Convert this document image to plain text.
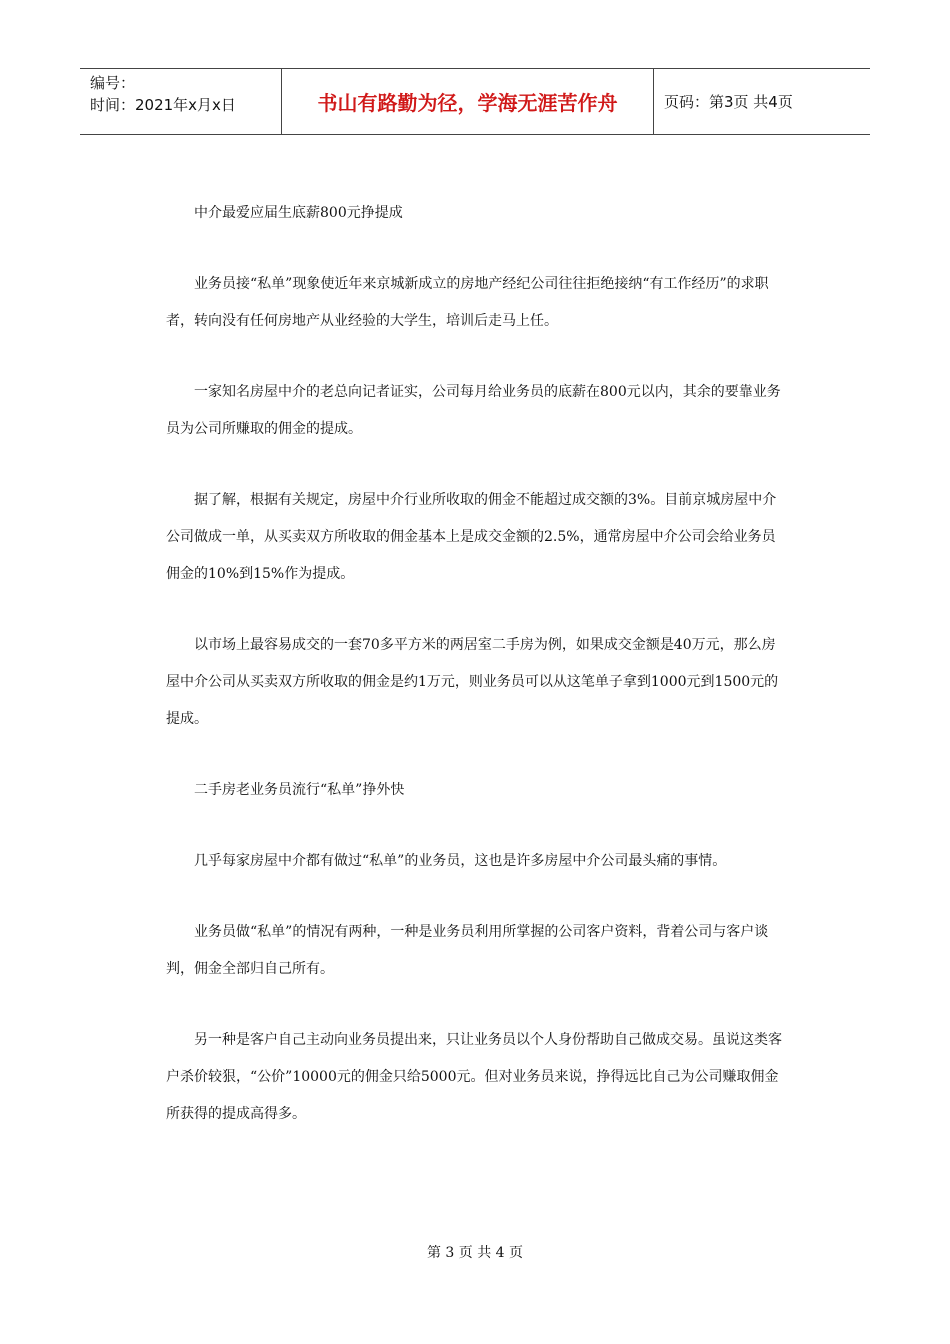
编号：
时间：2021年x月x日	书山有路勤为径，学海无涯苦作舟	页码：第3页 共4页

中介最爱应届生底薪800元挣提成

业务员接“私单”现象使近年来京城新成立的房地产经纪公司往往拒绝接纳“有工作经历”的求职者，转向没有任何房地产从业经验的大学生，培训后走马上任。

一家知名房屋中介的老总向记者证实，公司每月给业务员的底薪在800元以内，其余的要靠业务员为公司所赚取的佣金的提成。

据了解，根据有关规定，房屋中介行业所收取的佣金不能超过成交额的3%。目前京城房屋中介公司做成一单，从买卖双方所收取的佣金基本上是成交金额的2.5%，通常房屋中介公司会给业务员佣金的10%到15%作为提成。

以市场上最容易成交的一套70多平方米的两居室二手房为例，如果成交金额是40万元，那么房屋中介公司从买卖双方所收取的佣金是约1万元，则业务员可以从这笔单子拿到1000元到1500元的提成。

二手房老业务员流行“私单”挣外快

几乎每家房屋中介都有做过“私单”的业务员，这也是许多房屋中介公司最头痛的事情。

业务员做“私单”的情况有两种，一种是业务员利用所掌握的公司客户资料，背着公司与客户谈判，佣金全部归自己所有。

另一种是客户自己主动向业务员提出来，只让业务员以个人身份帮助自己做成交易。虽说这类客户杀价较狠，“公价”10000元的佣金只给5000元。但对业务员来说，挣得远比自己为公司赚取佣金所获得的提成高得多。

第 3 页 共 4 页
